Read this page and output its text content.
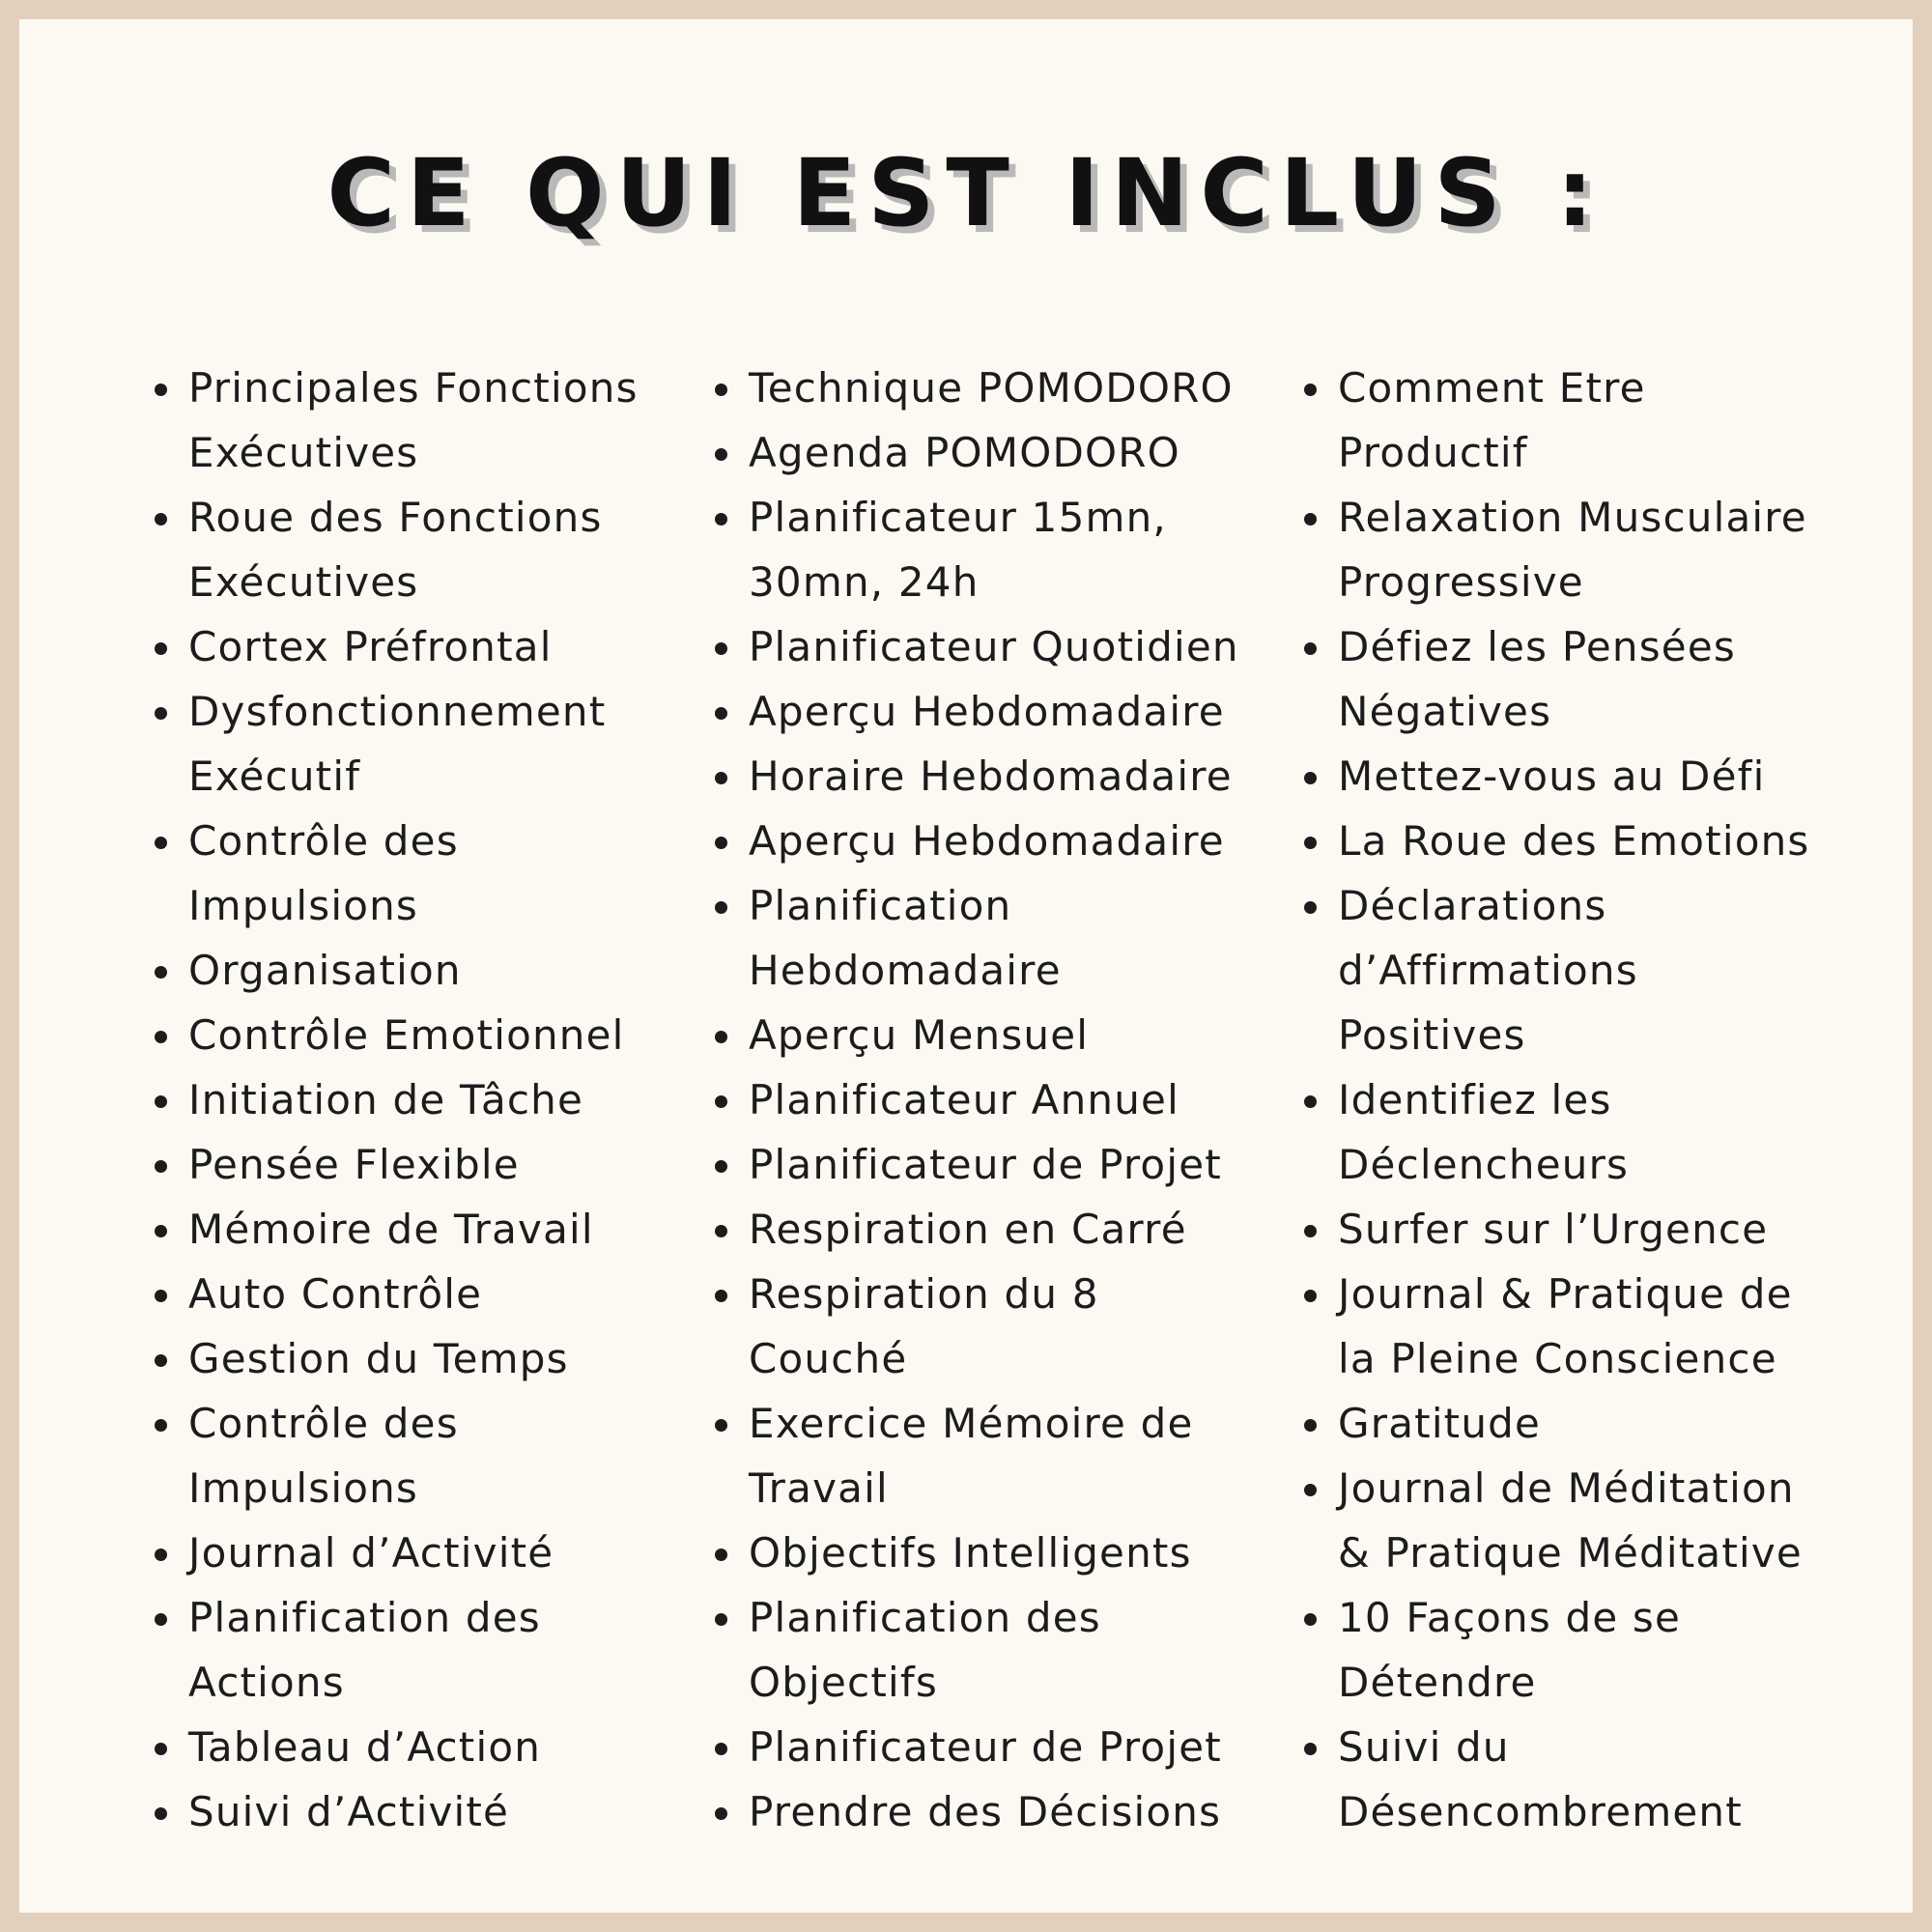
CE QUI EST INCLUS :
Principales Fonctions
Exécutives
Roue des Fonctions
Exécutives
Cortex Préfrontal
Dysfonctionnement
Exécutif
Contrôle des
Impulsions
Organisation
Contrôle Emotionnel
Initiation de Tâche
Pensée Flexible
Mémoire de Travail
Auto Contrôle
Gestion du Temps
Contrôle des
Impulsions
Journal d’Activité
Planification des
Actions
Tableau d’Action
Suivi d’Activité
Technique POMODORO
Agenda POMODORO
Planificateur 15mn,
30mn, 24h
Planificateur Quotidien
Aperçu Hebdomadaire
Horaire Hebdomadaire
Aperçu Hebdomadaire
Planification
Hebdomadaire
Aperçu Mensuel
Planificateur Annuel
Planificateur de Projet
Respiration en Carré
Respiration du 8
Couché
Exercice Mémoire de
Travail
Objectifs Intelligents
Planification des
Objectifs
Planificateur de Projet
Prendre des Décisions
Comment Etre
Productif
Relaxation Musculaire
Progressive
Défiez les Pensées
Négatives
Mettez-vous au Défi
La Roue des Emotions
Déclarations
d’Affirmations
Positives
Identifiez les
Déclencheurs
Surfer sur l’Urgence
Journal & Pratique de
la Pleine Conscience
Gratitude
Journal de Méditation
& Pratique Méditative
10 Façons de se
Détendre
Suivi du
Désencombrement
